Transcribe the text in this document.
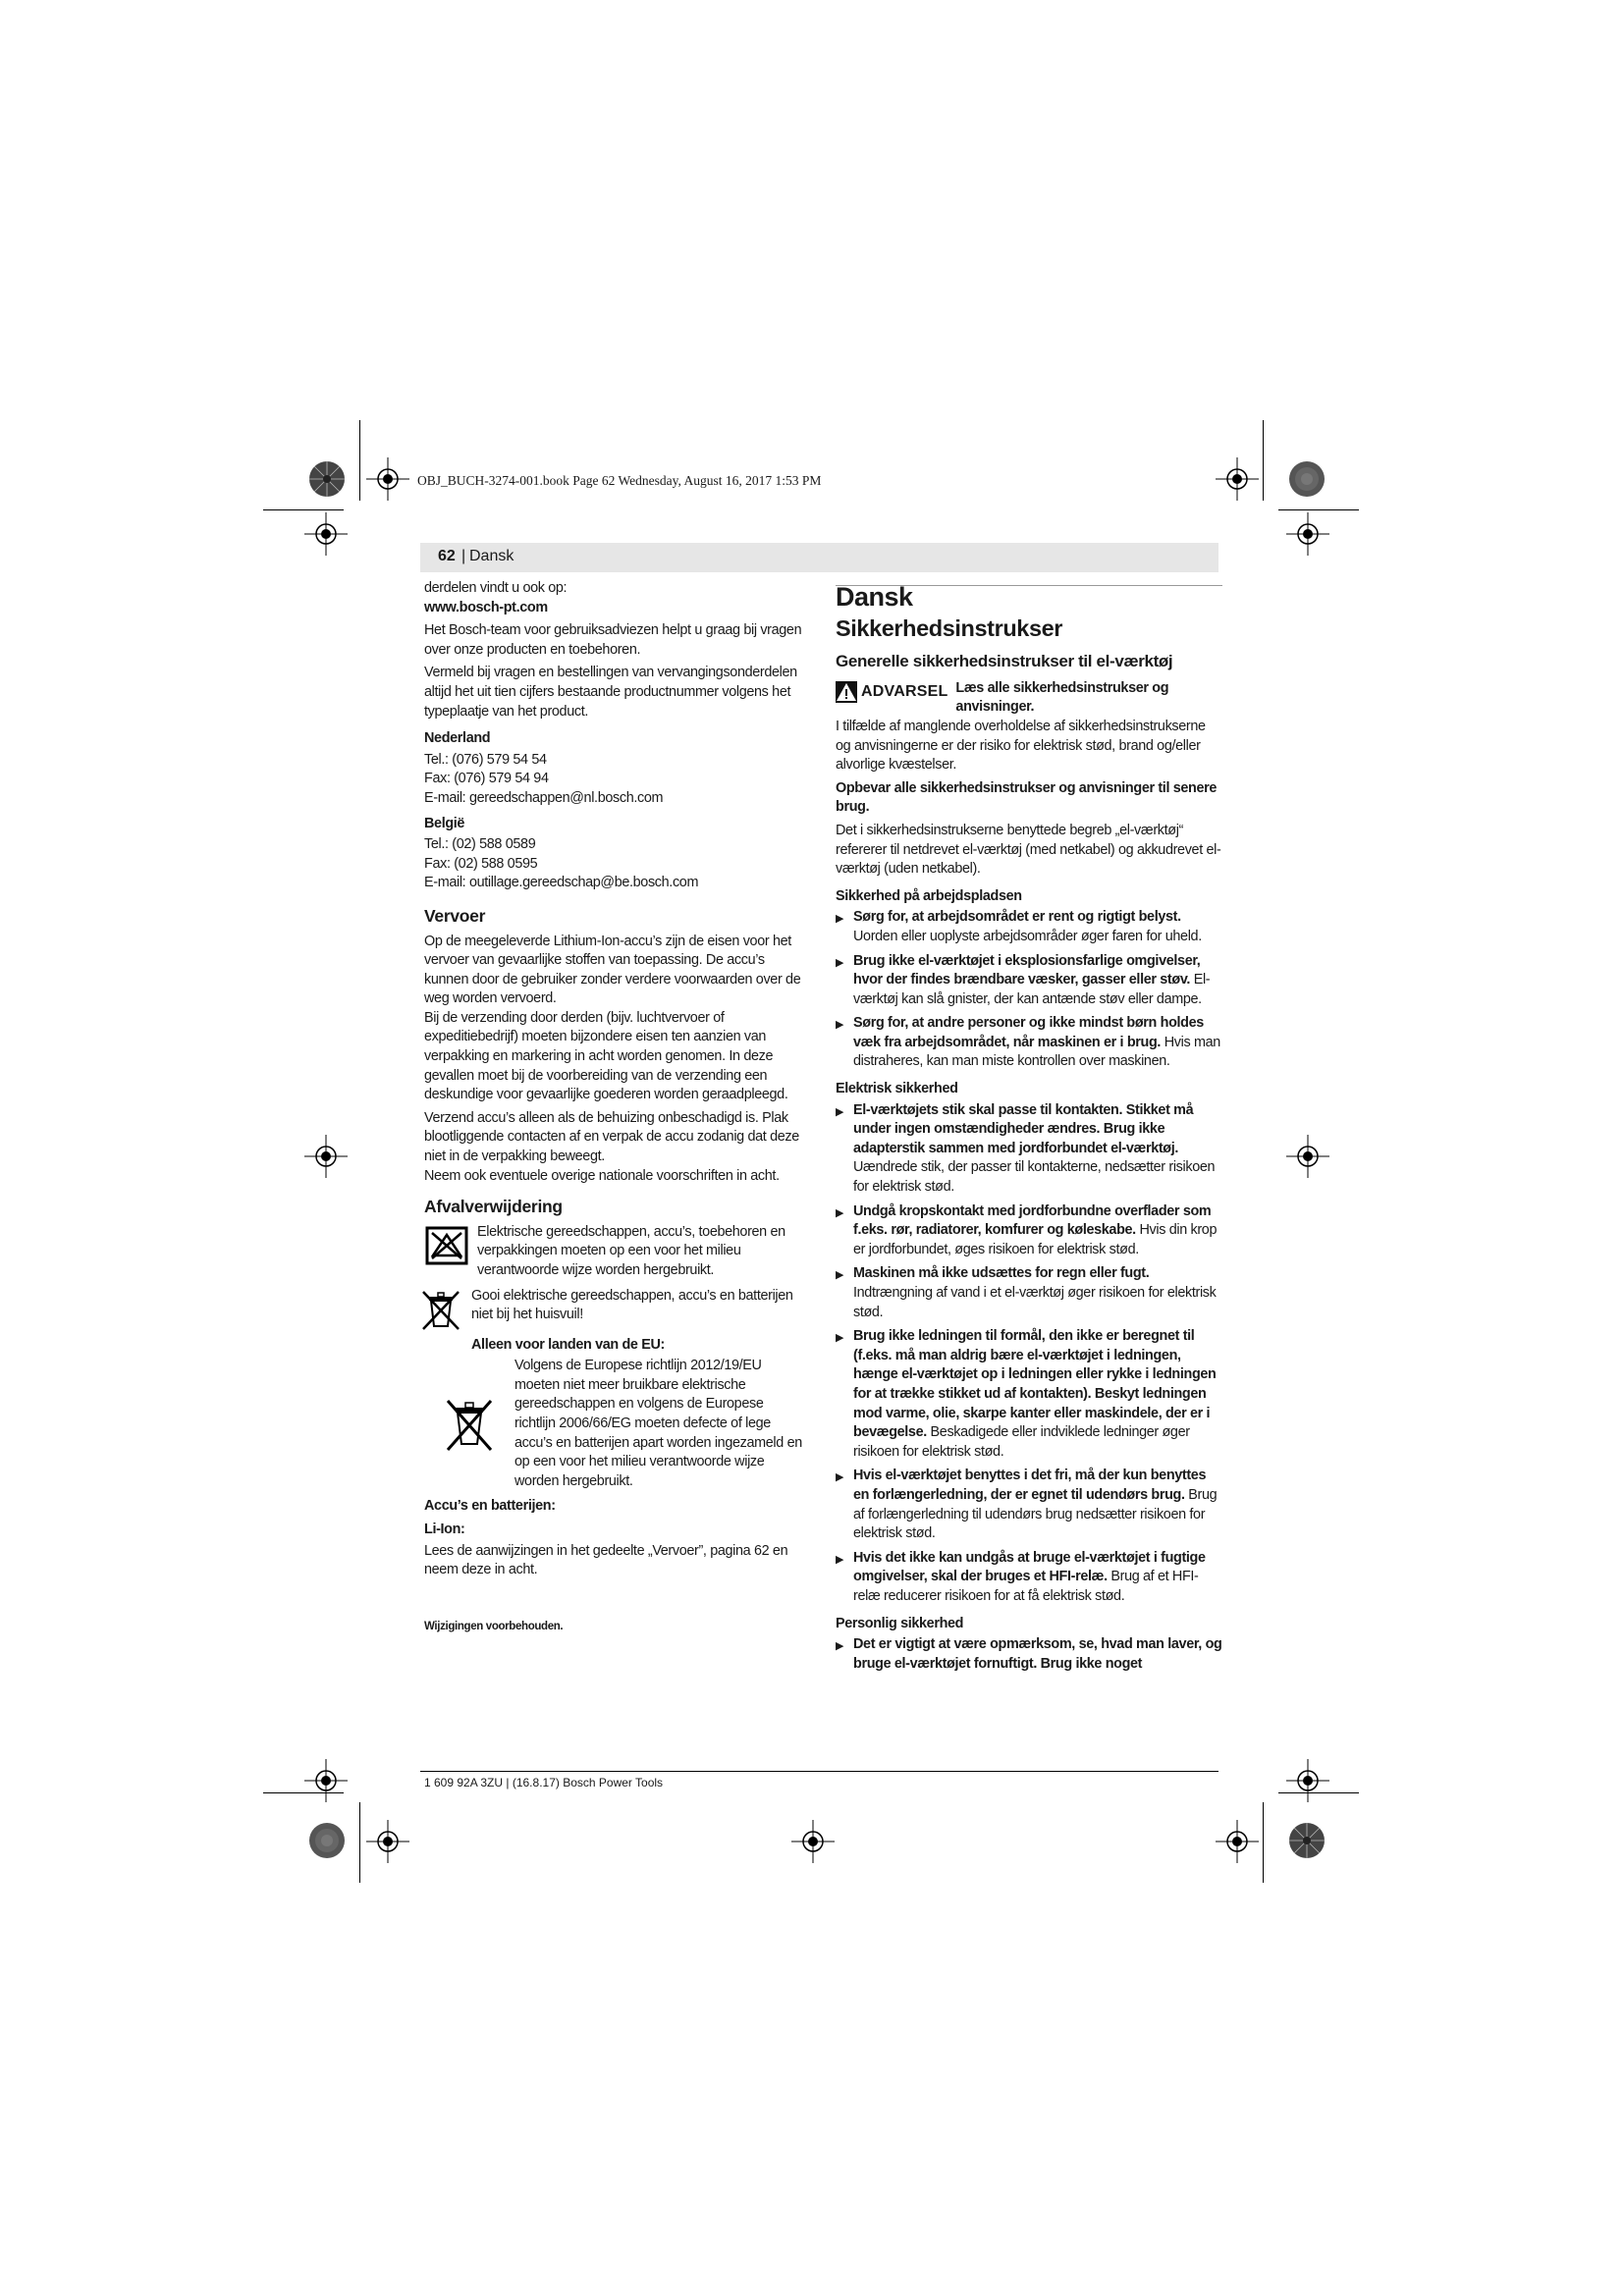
OBJ_BUCH-3274-001.book Page 62 Wednesday, August 16, 2017 1:53 PM
62 | Dansk

derdelen vindt u ook op:

www.bosch-pt.com

Het Bosch-team voor gebruiksadviezen helpt u graag bij vragen over onze producten en toebehoren.

Vermeld bij vragen en bestellingen van vervangingsonderdelen altijd het uit tien cijfers bestaande productnummer volgens het typeplaatje van het product.

Nederland
Tel.: (076) 579 54 54
Fax: (076) 579 54 94
E-mail: gereedschappen@nl.bosch.com
België
Tel.: (02) 588 0589
Fax: (02) 588 0595
E-mail: outillage.gereedschap@be.bosch.com
Vervoer

Op de meegeleverde Lithium-Ion-accu’s zijn de eisen voor het vervoer van gevaarlijke stoffen van toepassing. De accu’s kunnen door de gebruiker zonder verdere voorwaarden over de weg worden vervoerd.

Bij de verzending door derden (bijv. luchtvervoer of expeditiebedrijf) moeten bijzondere eisen ten aanzien van verpakking en markering in acht worden genomen. In deze gevallen moet bij de voorbereiding van de verzending een deskundige voor gevaarlijke goederen worden geraadpleegd.

Verzend accu’s alleen als de behuizing onbeschadigd is. Plak blootliggende contacten af en verpak de accu zodanig dat deze niet in de verpakking beweegt.

Neem ook eventuele overige nationale voorschriften in acht.

Afvalverwijdering
Elektrische gereedschappen, accu’s, toebehoren en verpakkingen moeten op een voor het milieu verantwoorde wijze worden hergebruikt.
Gooi elektrische gereedschappen, accu’s en batterijen niet bij het huisvuil!
Alleen voor landen van de EU:
Volgens de Europese richtlijn 2012/19/EU moeten niet meer bruikbare elektrische gereedschappen en volgens de Europese richtlijn 2006/66/EG moeten defecte of lege accu’s en batterijen apart worden ingezameld en op een voor het milieu verantwoorde wijze worden hergebruikt.
Accu’s en batterijen:
Li-Ion:

Lees de aanwijzingen in het gedeelte „Vervoer”, pagina 62 en neem deze in acht.

Wijzigingen voorbehouden.
Dansk
Sikkerhedsinstrukser
Generelle sikkerhedsinstrukser til el-værktøj
ADVARSEL Læs alle sikkerhedsinstrukser og anvisninger.

I tilfælde af manglende overholdelse af sikkerhedsinstrukserne og anvisningerne er der risiko for elektrisk stød, brand og/eller alvorlige kvæstelser.

Opbevar alle sikkerhedsinstrukser og anvisninger til senere brug.

Det i sikkerhedsinstrukserne benyttede begreb „el-værktøj“ refererer til netdrevet el-værktøj (med netkabel) og akkudrevet el-værktøj (uden netkabel).

Sikkerhed på arbejdspladsen
▶ Sørg for, at arbejdsområdet er rent og rigtigt belyst. Uorden eller uoplyste arbejdsområder øger faren for uheld.
▶ Brug ikke el-værktøjet i eksplosionsfarlige omgivelser, hvor der findes brændbare væsker, gasser eller støv. El-værktøj kan slå gnister, der kan antænde støv eller dampe.
▶ Sørg for, at andre personer og ikke mindst børn holdes væk fra arbejdsområdet, når maskinen er i brug. Hvis man distraheres, kan man miste kontrollen over maskinen.
Elektrisk sikkerhed
▶ El-værktøjets stik skal passe til kontakten. Stikket må under ingen omstændigheder ændres. Brug ikke adapterstik sammen med jordforbundet el-værktøj. Uændrede stik, der passer til kontakterne, nedsætter risikoen for elektrisk stød.
▶ Undgå kropskontakt med jordforbundne overflader som f.eks. rør, radiatorer, komfurer og køleskabe. Hvis din krop er jordforbundet, øges risikoen for elektrisk stød.
▶ Maskinen må ikke udsættes for regn eller fugt. Indtrængning af vand i et el-værktøj øger risikoen for elektrisk stød.
▶ Brug ikke ledningen til formål, den ikke er beregnet til (f.eks. må man aldrig bære el-værktøjet i ledningen, hænge el-værktøjet op i ledningen eller rykke i ledningen for at trække stikket ud af kontakten). Beskyt ledningen mod varme, olie, skarpe kanter eller maskindele, der er i bevægelse. Beskadigede eller indviklede ledninger øger risikoen for elektrisk stød.
▶ Hvis el-værktøjet benyttes i det fri, må der kun benyttes en forlængerledning, der er egnet til udendørs brug. Brug af forlængerledning til udendørs brug nedsætter risikoen for elektrisk stød.
▶ Hvis det ikke kan undgås at bruge el-værktøjet i fugtige omgivelser, skal der bruges et HFI-relæ. Brug af et HFI-relæ reducerer risikoen for at få elektrisk stød.
Personlig sikkerhed
▶ Det er vigtigt at være opmærksom, se, hvad man laver, og bruge el-værktøjet fornuftigt. Brug ikke noget
1 609 92A 3ZU | (16.8.17) Bosch Power Tools
